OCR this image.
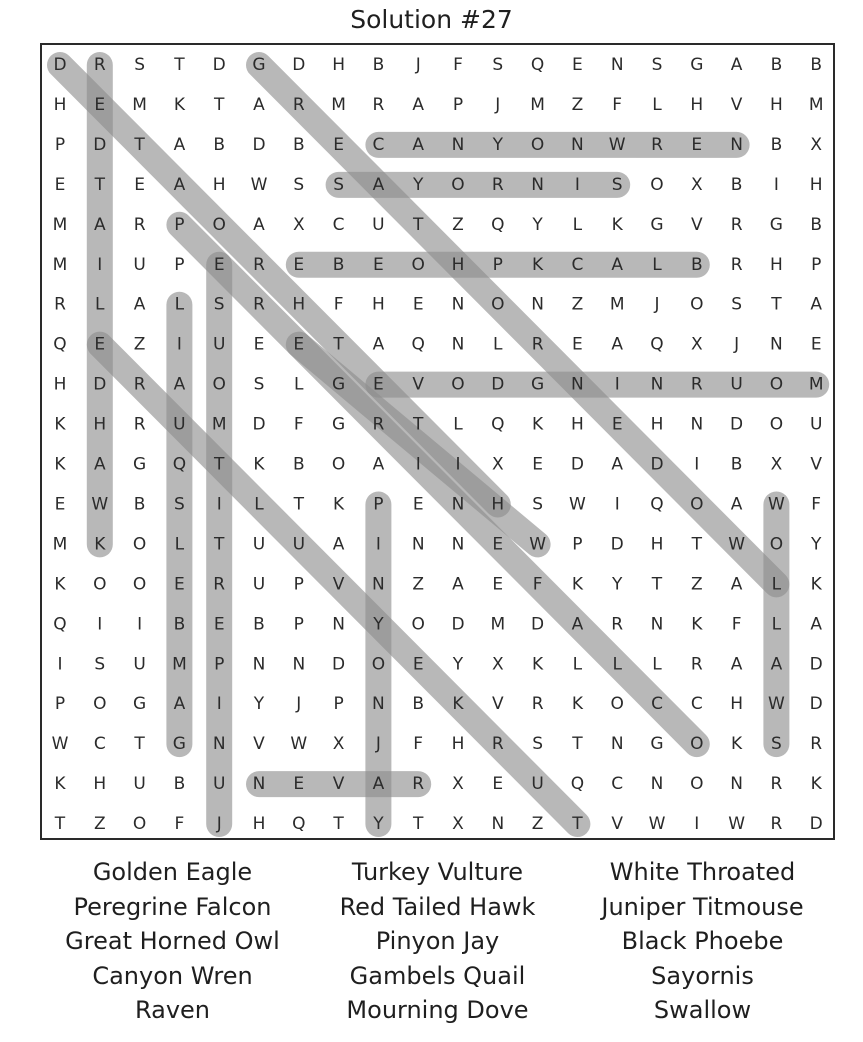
Solution #27
D R S T D G D H B J F S Q E N S G A B B
H E M K T A R M R A P J M Z F L H V H M
P D T A B D B E C A N Y O N W R E N B X
E T E A H W S S A Y O R N I S O X B I H
M A R P O A X C U T Z Q Y L K G V R G B
M I U P E R E B E O H P K C A L B R H P
R L A L S R H F H E N O N Z M J O S T A
Q E Z I U E E T A Q N L R E A Q X J N E
H D R A O S L G E V O D G N I N R U O M
K H R U M D F G R T L Q K H E H N D O U
K A G Q T K B O A I I X E D A D I B X V
E W B S I L T K P E N H S W I Q O A W F
M K O L T U U A I N N E W P D H T W O Y
K O O E R U P V N Z A E F K Y T Z A L K
Q I I B E B P N Y O D M D A R N K F L A
I S U M P N N D O E Y X K L L L R A A D
P O G A I Y J P N B K V R K O C C H W D
W C T G N V W X J F H R S T N G O K S R
K H U B U N E V A R X E U Q C N O N R K
T Z O F J H Q T Y T X N Z T V W I W R D
Golden Eagle
Peregrine Falcon
Great Horned Owl
Canyon Wren
Raven
Turkey Vulture
Red Tailed Hawk
Pinyon Jay
Gambels Quail
Mourning Dove
White Throated
Juniper Titmouse
Black Phoebe
Sayornis
Swallow
